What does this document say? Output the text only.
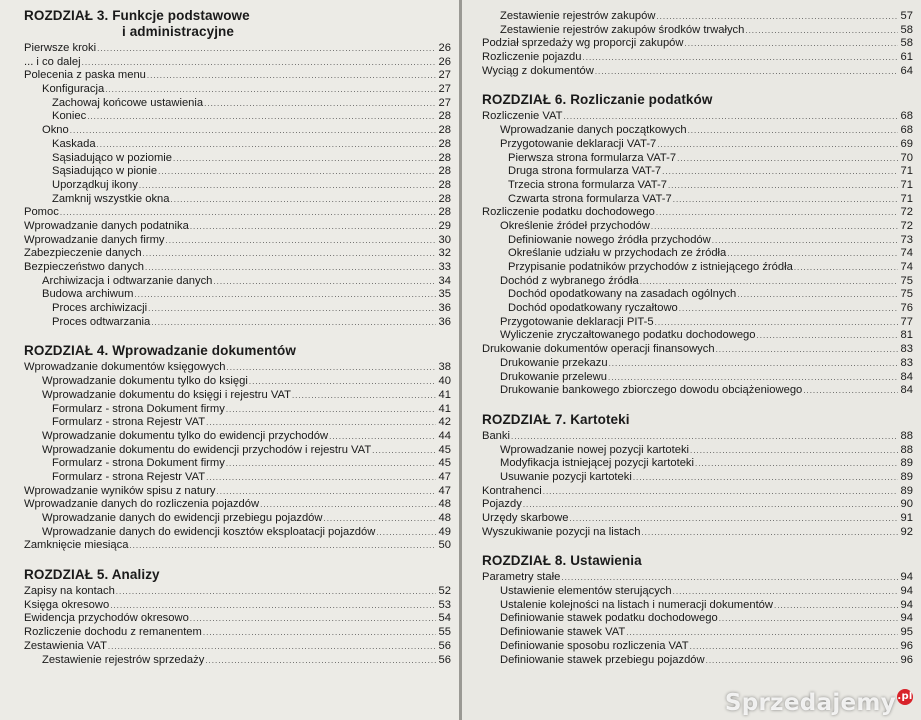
ROZDZIAŁ 3. Funkcje podstawowe
i administracyjne
Pierwsze kroki .....	26
... i co dalej .....	26
Polecenia z paska menu .....	27
Konfiguracja .....	27
Zachowaj końcowe ustawienia .....	27
Koniec .....	28
Okno .....	28
Kaskada .....	28
Sąsiadująco w poziomie .....	28
Sąsiadująco w pionie .....	28
Uporządkuj ikony .....	28
Zamknij wszystkie okna .....	28
Pomoc .....	28
Wprowadzanie danych podatnika .....	29
Wprowadzanie danych firmy .....	30
Zabezpieczenie danych .....	32
Bezpieczeństwo danych .....	33
Archiwizacja i odtwarzanie danych .....	34
Budowa archiwum .....	35
Proces archiwizacji .....	36
Proces odtwarzania .....	36
ROZDZIAŁ 4. Wprowadzanie dokumentów
Wprowadzanie dokumentów księgowych .....	38
Wprowadzanie dokumentu tylko do księgi .....	40
Wprowadzanie dokumentu do księgi i rejestru VAT .....	41
Formularz - strona Dokument firmy .....	41
Formularz - strona Rejestr VAT .....	42
Wprowadzanie dokumentu tylko do ewidencji przychodów .....	44
Wprowadzanie dokumentu do ewidencji przychodów i rejestru VAT .....	45
Formularz - strona Dokument firmy .....	45
Formularz - strona Rejestr VAT .....	47
Wprowadzanie wyników spisu z natury .....	47
Wprowadzanie danych do rozliczenia pojazdów .....	48
Wprowadzanie danych do ewidencji przebiegu pojazdów .....	48
Wprowadzanie danych do ewidencji kosztów eksploatacji pojazdów .....	49
Zamknięcie miesiąca .....	50
ROZDZIAŁ 5. Analizy
Zapisy na kontach .....	52
Księga okresowo .....	53
Ewidencja przychodów okresowo .....	54
Rozliczenie dochodu z remanentem .....	55
Zestawienia VAT .....	56
Zestawienie rejestrów sprzedaży .....	56
Zestawienie rejestrów zakupów .....	57
Zestawienie rejestrów zakupów środków trwałych .....	58
Podział sprzedaży wg proporcji zakupów .....	58
Rozliczenie pojazdu .....	61
Wyciąg z dokumentów .....	64
ROZDZIAŁ 6. Rozliczanie podatków
Rozliczenie VAT .....	68
Wprowadzanie danych początkowych .....	68
Przygotowanie deklaracji VAT-7 .....	69
Pierwsza strona formularza VAT-7 .....	70
Druga strona formularza VAT-7 .....	71
Trzecia strona formularza VAT-7 .....	71
Czwarta strona formularza VAT-7 .....	71
Rozliczenie podatku dochodowego .....	72
Określenie źródeł przychodów .....	72
Definiowanie nowego źródła przychodów .....	73
Określanie udziału w przychodach ze źródła .....	74
Przypisanie podatników przychodów z istniejącego źródła .....	74
Dochód z wybranego źródła .....	75
Dochód opodatkowany na zasadach ogólnych .....	75
Dochód opodatkowany ryczałtowo .....	76
Przygotowanie deklaracji PIT-5 .....	77
Wyliczenie zryczałtowanego podatku dochodowego .....	81
Drukowanie dokumentów operacji finansowych .....	83
Drukowanie przekazu .....	83
Drukowanie przelewu .....	84
Drukowanie bankowego zbiorczego dowodu obciążeniowego .....	84
ROZDZIAŁ 7. Kartoteki
Banki .....	88
Wprowadzanie nowej pozycji kartoteki .....	88
Modyfikacja istniejącej pozycji kartoteki .....	89
Usuwanie pozycji kartoteki .....	89
Kontrahenci .....	89
Pojazdy .....	90
Urzędy skarbowe .....	91
Wyszukiwanie pozycji na listach .....	92
ROZDZIAŁ 8. Ustawienia
Parametry stałe .....	94
Ustawienie elementów sterujących .....	94
Ustalenie kolejności na listach i numeracji dokumentów .....	94
Definiowanie stawek podatku dochodowego .....	94
Definiowanie stawek VAT .....	95
Definiowanie sposobu rozliczenia VAT .....	96
Definiowanie stawek przebiegu pojazdów .....	96
Sprzedajemy .pl
